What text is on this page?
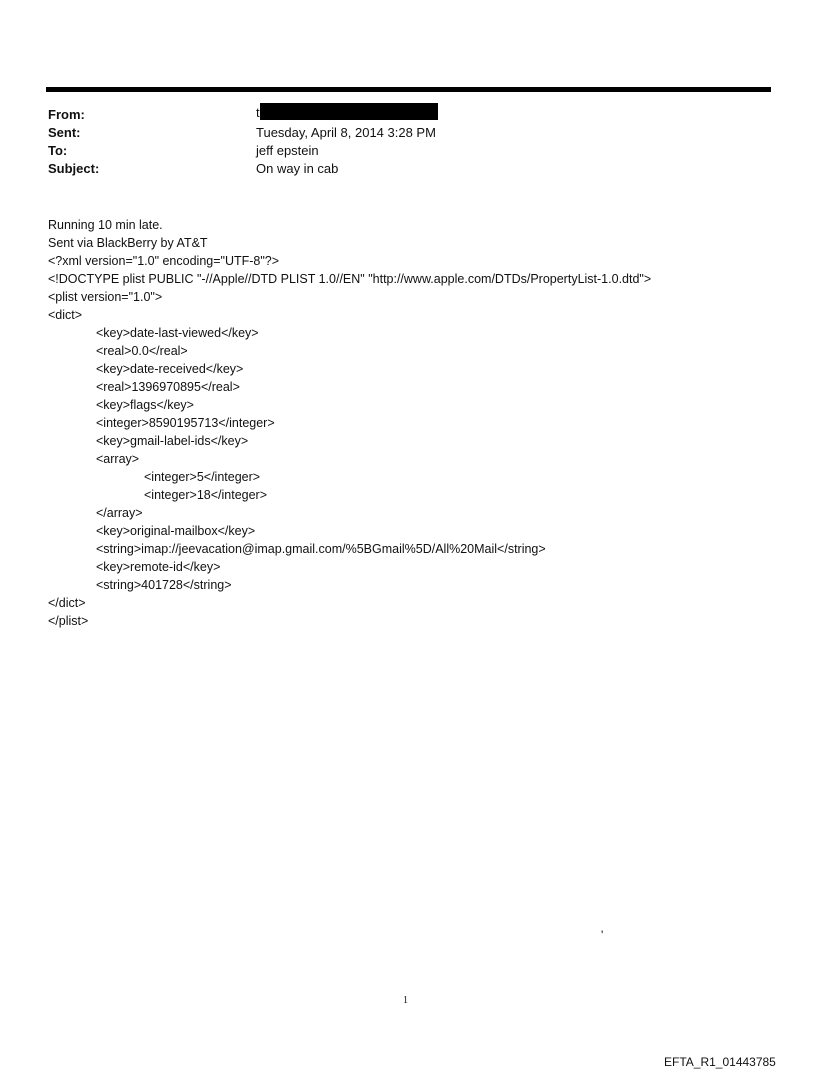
From:	t
Sent:	Tuesday, April 8, 2014 3:28 PM
To:	jeff epstein
Subject:	On way in cab
Running 10 min late.
Sent via BlackBerry by AT&T
<?xml version="1.0" encoding="UTF-8"?>
<!DOCTYPE plist PUBLIC "-//Apple//DTD PLIST 1.0//EN" "http://www.apple.com/DTDs/PropertyList-1.0.dtd">
<plist version="1.0">
<dict>
<key>date-last-viewed</key>
<real>0.0</real>
<key>date-received</key>
<real>1396970895</real>
<key>flags</key>
<integer>8590195713</integer>
<key>gmail-label-ids</key>
<array>
<integer>5</integer>
<integer>18</integer>
</array>
<key>original-mailbox</key>
<string>imap://jeevacation@imap.gmail.com/%5BGmail%5D/All%20Mail</string>
<key>remote-id</key>
<string>401728</string>
</dict>
</plist>
'
1
EFTA_R1_01443785
